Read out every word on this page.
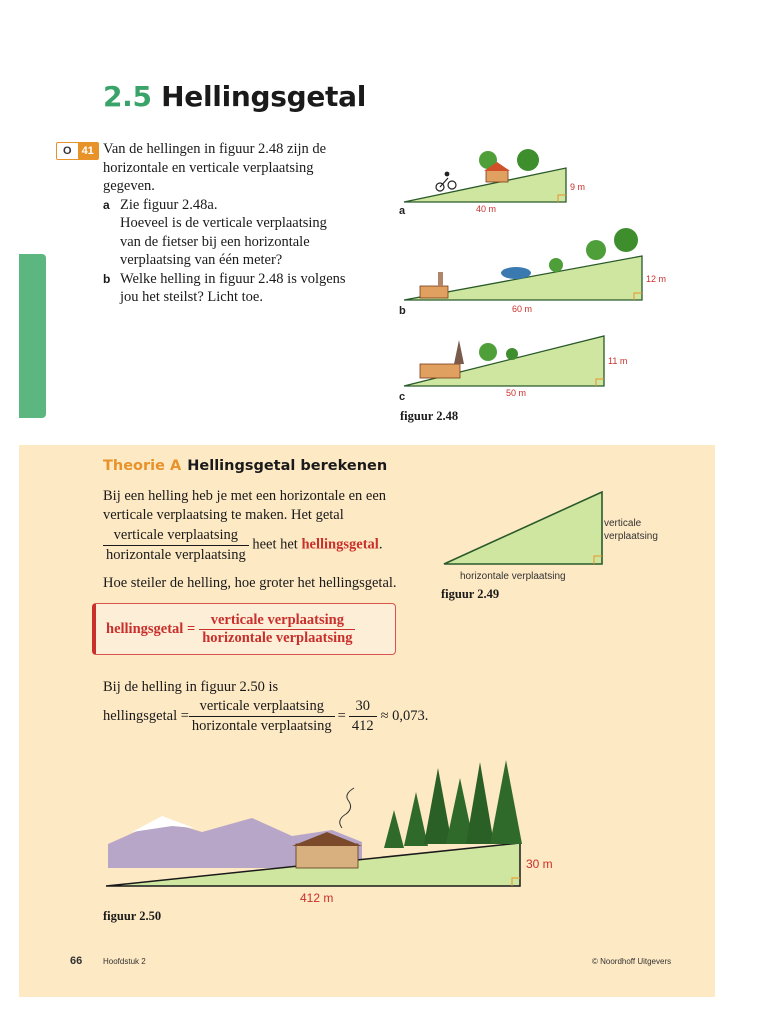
2.5 Hellingsgetal
O 41 Van de hellingen in figuur 2.48 zijn de

horizontale en verticale verplaatsing

gegeven.

a Zie figuur 2.48a.

Hoeveel is de verticale verplaatsing

van de fietser bij een horizontale

verplaatsing van één meter?

b Welke helling in figuur 2.48 is volgens

jou het steilst? Licht toe.

a	40 m
9 m
b	60 m
12 m
c	50 m
11 m
figuur 2.48
Theorie A Hellingsgetal berekenen
Bij een helling heb je met een horizontale en een
verticale verplaatsing te maken. Het getal
$\frac{\text{verticale verplaatsing}}{\text{horizontale verplaatsing}}$ heet het hellingsgetal.
Hoe steiler de helling, hoe groter het hellingsgetal.
verticale
verplaatsing
horizontale verplaatsing
figuur 2.49
hellingsgetal = $\frac{\text{verticale verplaatsing}}{\text{horizontale verplaatsing}}$
Bij de helling in figuur 2.50 is
hellingsgetal = $\frac{\text{verticale verplaatsing}}{\text{horizontale verplaatsing}} = \frac{30}{412} \approx 0,073$.
412 m
30 m
figuur 2.50
66	Hoofdstuk 2	© Noordhoff Uitgevers
